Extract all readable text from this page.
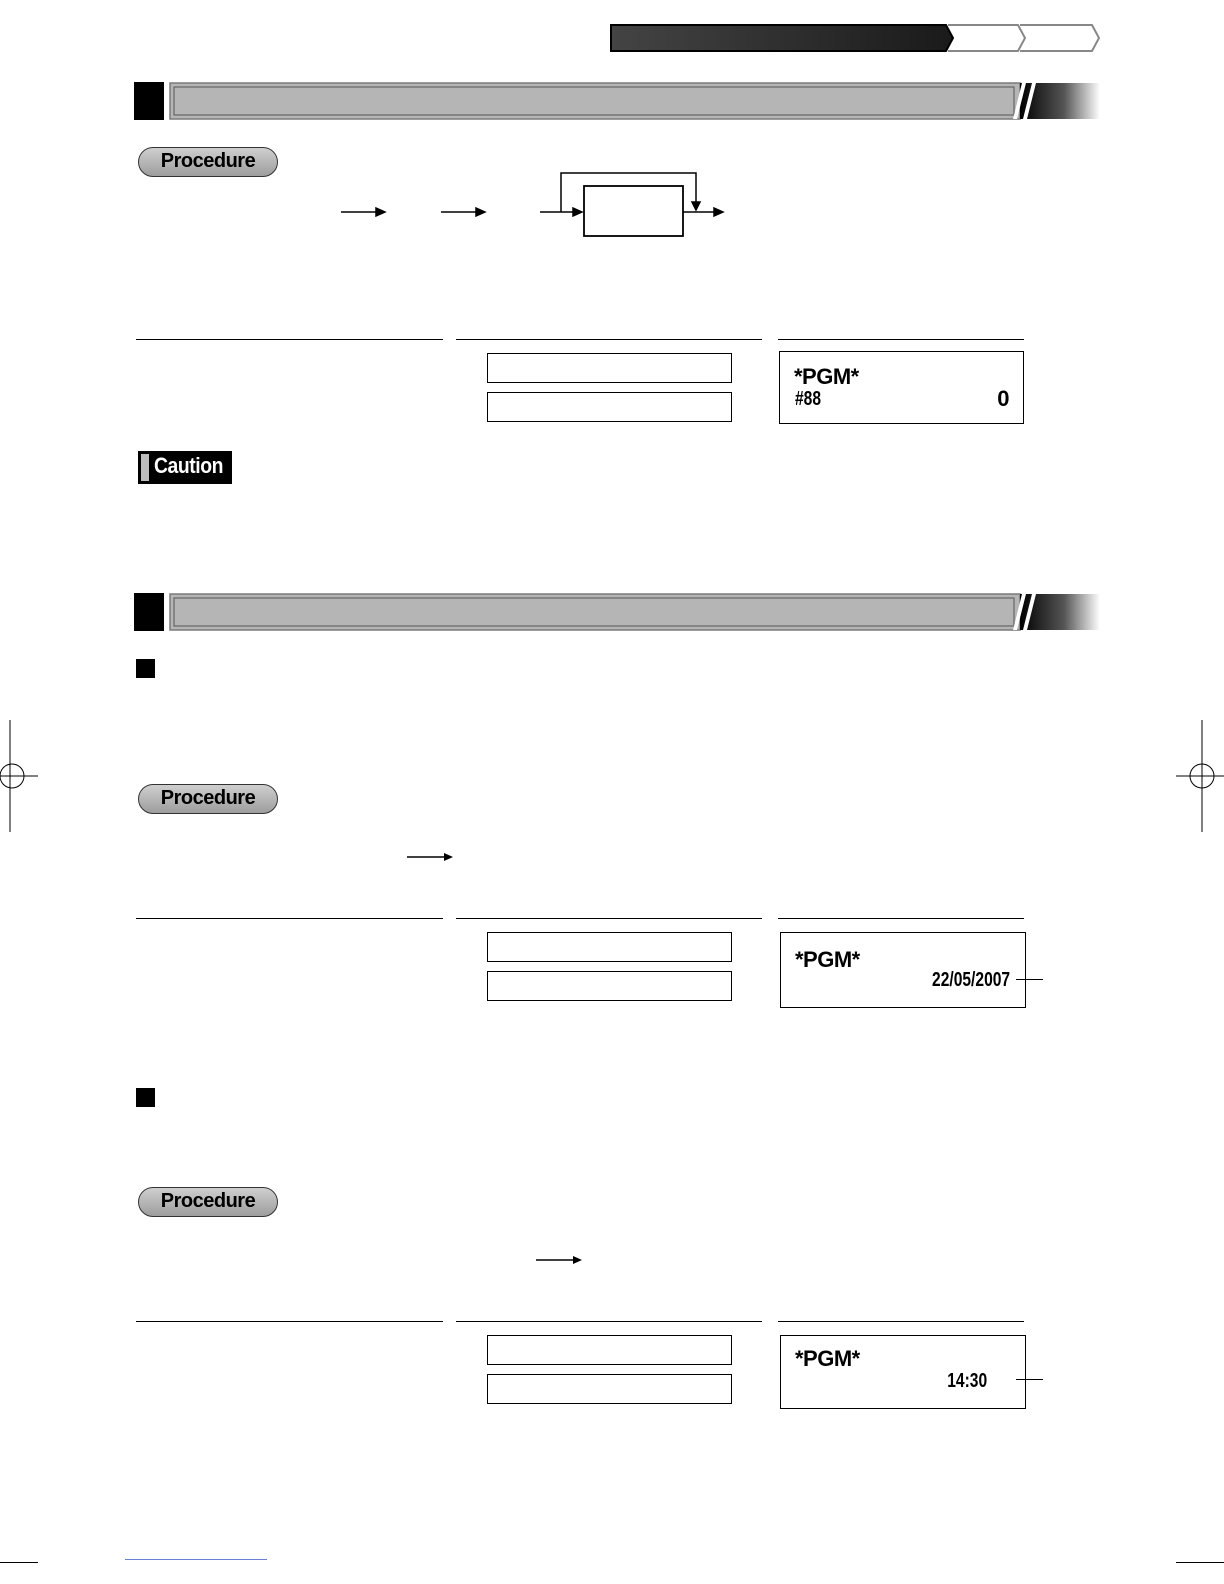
Procedure
*PGM*
#88	0
Caution
Procedure
*PGM*
22/05/2007
Procedure
*PGM*
14:30
